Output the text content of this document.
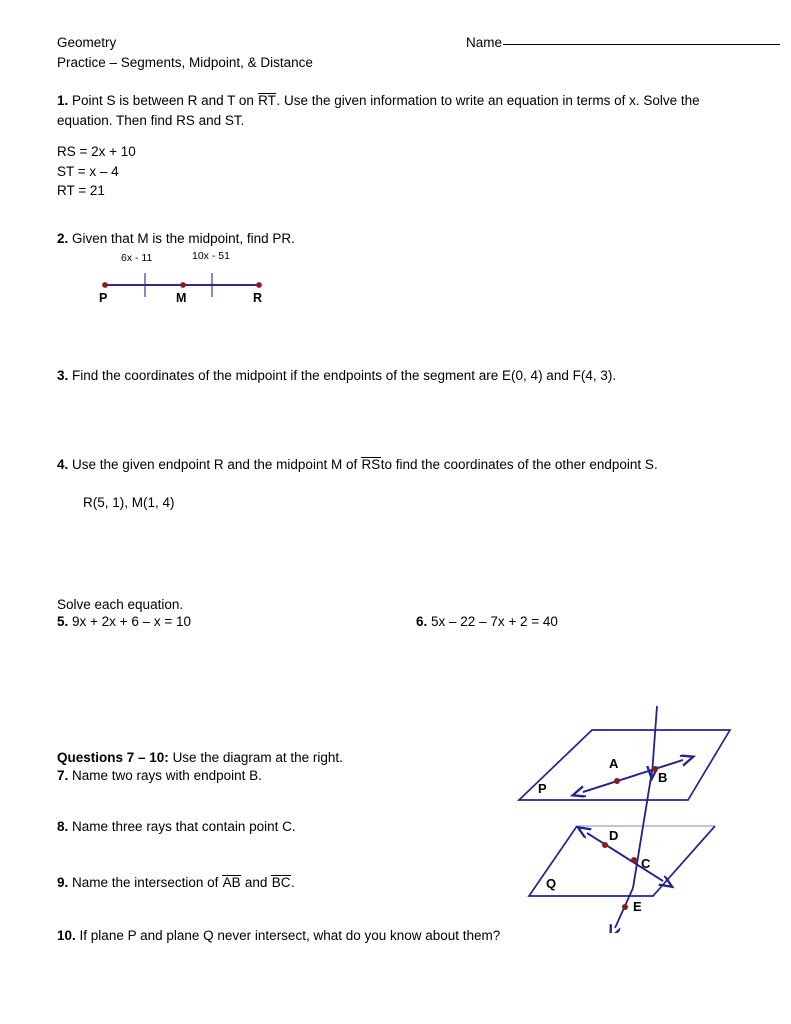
Geometry
Practice – Segments, Midpoint, & Distance
Name
1. Point S is between R and T on RT. Use the given information to write an equation in terms of x. Solve the equation. Then find RS and ST.
RS = 2x + 10
ST = x – 4
RT = 21
2. Given that M is the midpoint, find PR.
6x - 11	10x - 51
P	M	R
3. Find the coordinates of the midpoint if the endpoints of the segment are E(0, 4) and F(4, 3).
4. Use the given endpoint R and the midpoint M of RSto find the coordinates of the other endpoint S.
R(5, 1), M(1, 4)
Solve each equation.
5. 9x + 2x + 6 – x = 10	6. 5x – 22 – 7x + 2 = 40
Questions 7 – 10: Use the diagram at the right.
7. Name two rays with endpoint B.
8. Name three rays that contain point C.
9. Name the intersection of AB and BC.
10. If plane P and plane Q never intersect, what do you know about them?
A
B
C
D
E
P
Q
